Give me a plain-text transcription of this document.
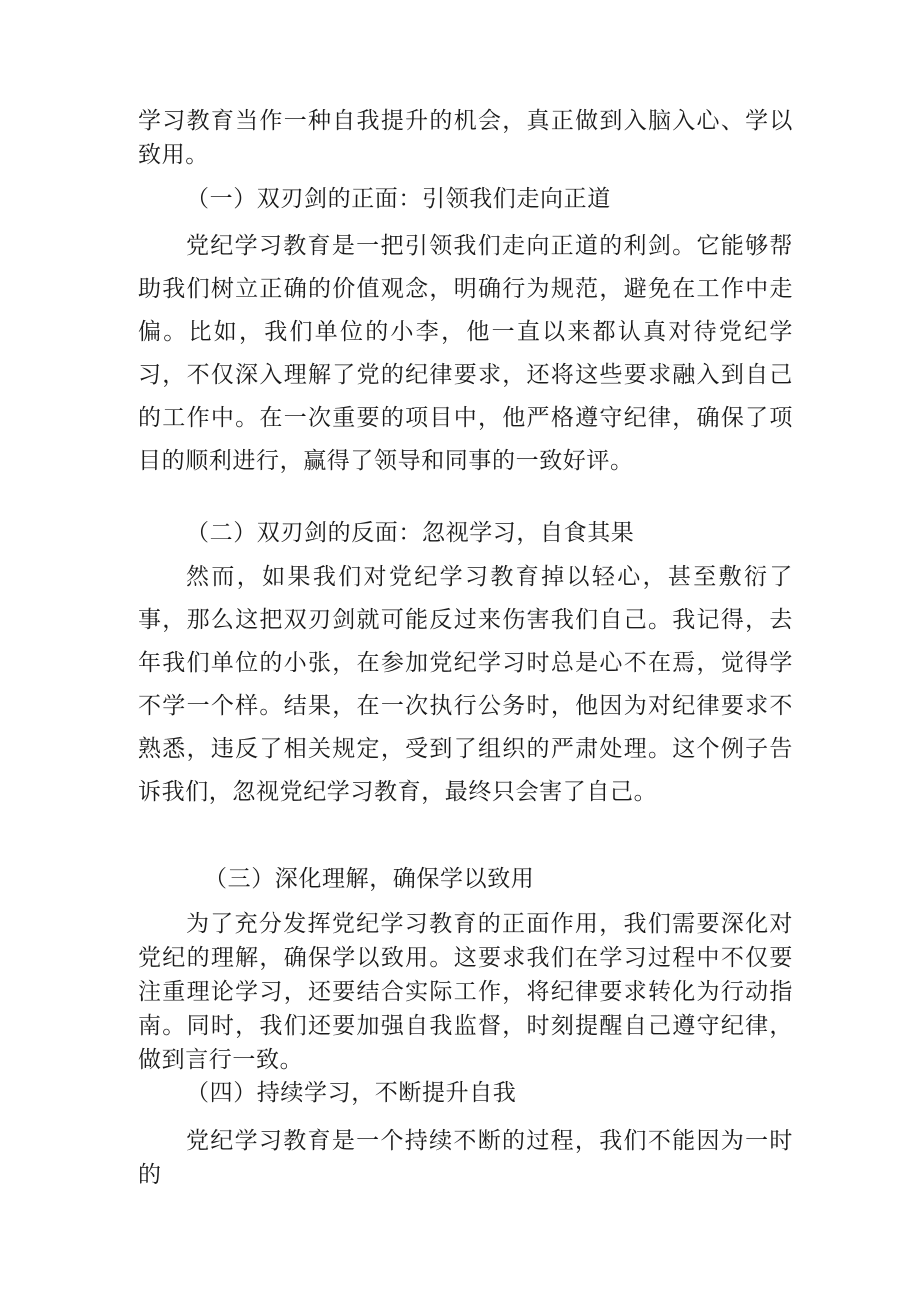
学习教育当作一种自我提升的机会，真正做到入脑入心、学以致用。

（一）双刃剑的正面：引领我们走向正道

党纪学习教育是一把引领我们走向正道的利剑。它能够帮助我们树立正确的价值观念，明确行为规范，避免在工作中走偏。比如，我们单位的小李，他一直以来都认真对待党纪学习，不仅深入理解了党的纪律要求，还将这些要求融入到自己的工作中。在一次重要的项目中，他严格遵守纪律，确保了项目的顺利进行，赢得了领导和同事的一致好评。

（二）双刃剑的反面：忽视学习，自食其果

然而，如果我们对党纪学习教育掉以轻心，甚至敷衍了事，那么这把双刃剑就可能反过来伤害我们自己。我记得，去年我们单位的小张，在参加党纪学习时总是心不在焉，觉得学不学一个样。结果，在一次执行公务时，他因为对纪律要求不熟悉，违反了相关规定，受到了组织的严肃处理。这个例子告诉我们，忽视党纪学习教育，最终只会害了自己。

（三）深化理解，确保学以致用

为了充分发挥党纪学习教育的正面作用，我们需要深化对党纪的理解，确保学以致用。这要求我们在学习过程中不仅要注重理论学习，还要结合实际工作，将纪律要求转化为行动指南。同时，我们还要加强自我监督，时刻提醒自己遵守纪律，做到言行一致。

（四）持续学习，不断提升自我

党纪学习教育是一个持续不断的过程，我们不能因为一时的
